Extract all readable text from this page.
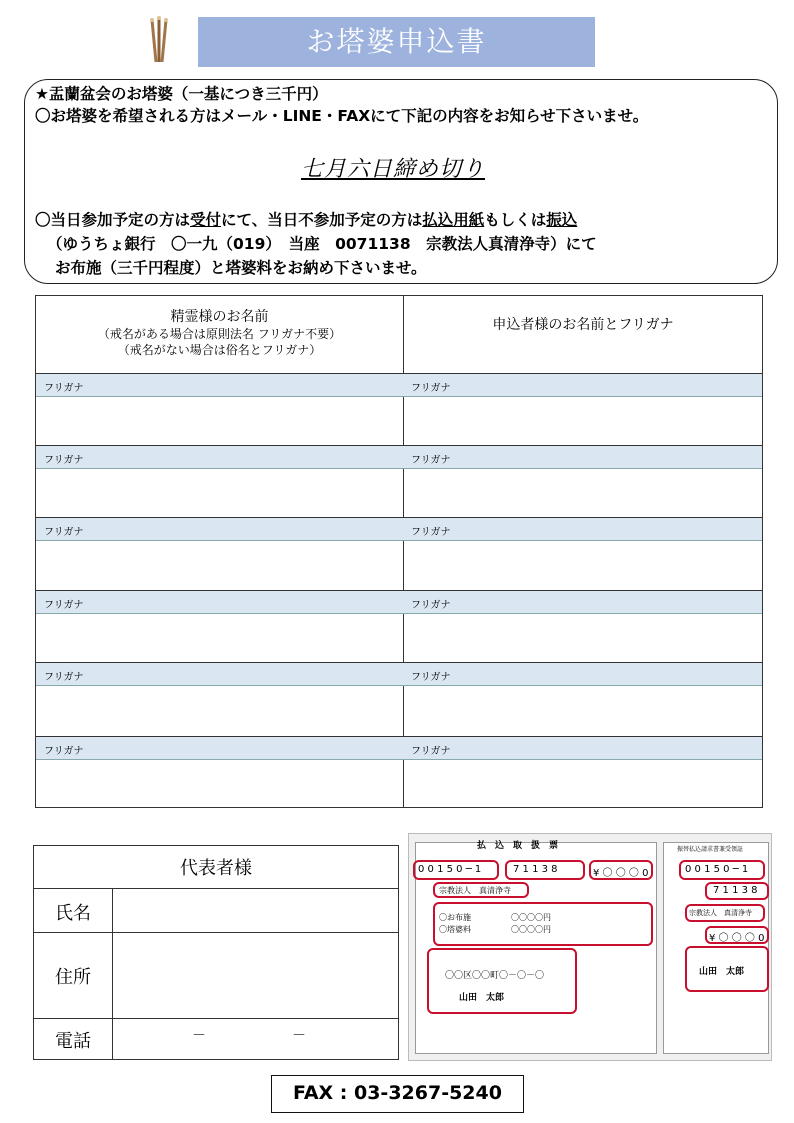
お塔婆申込書
★盂蘭盆会のお塔婆（一基につき三千円）
〇お塔婆を希望される方はメール・LINE・FAXにて下記の内容をお知らせ下さいませ。
七月六日締め切り
〇当日参加予定の方は受付にて、当日不参加予定の方は払込用紙もしくは振込
（ゆうちょ銀行　〇一九（019）　当座　0071138　宗教法人真清浄寺）にて
お布施（三千円程度）と塔婆料をお納め下さいませ。
精霊様のお名前
（戒名がある場合は原則法名 フリガナ不要）
（戒名がない場合は俗名とフリガナ）
申込者様のお名前とフリガナ
フリガナ	フリガナ
フリガナ	フリガナ
フリガナ	フリガナ
フリガナ	フリガナ
フリガナ	フリガナ
フリガナ	フリガナ
代表者様
氏名
住所
電話	－	－
払　込　取　扱　票	振替払込請求書兼受領証
0 0 1 5 0 ─ 1	7 1 1 3 8	¥ 〇 〇 〇 0
宗教法人　真清浄寺
〇お布施	〇〇〇〇円
〇塔婆料	〇〇〇〇円
〇〇区〇〇町〇－〇－〇
山田　太郎
0 0 1 5 0 ─ 1
7 1 1 3 8
宗教法人　真清浄寺
¥ 〇 〇 〇 0
山田　太郎
FAX : 03-3267-5240
